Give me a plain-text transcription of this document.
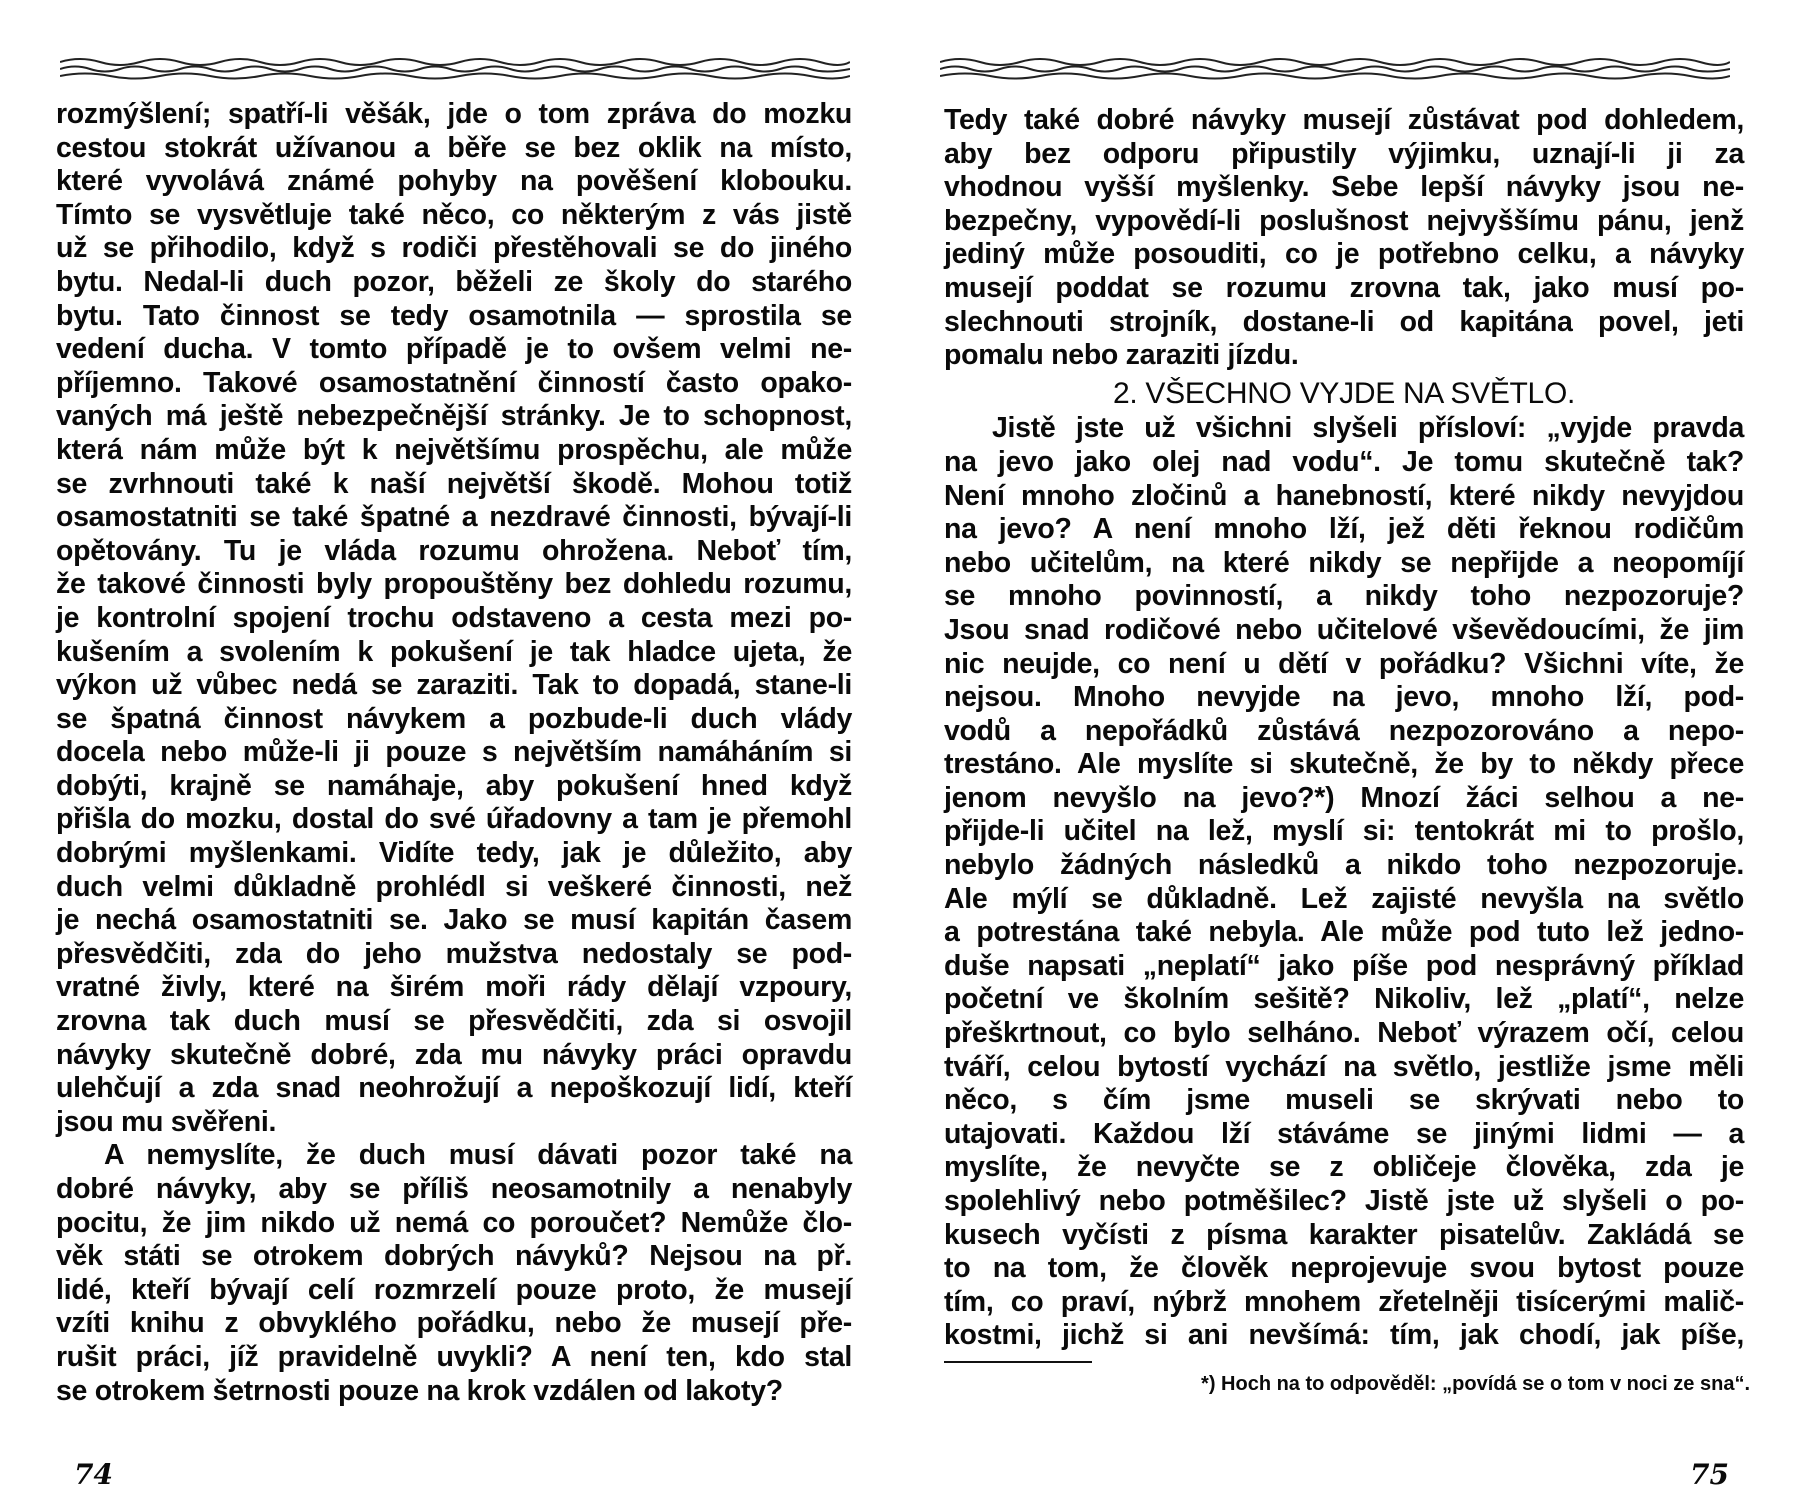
rozmýšlení; spatří-li věšák, jde o tom zpráva do mozku
cestou stokrát užívanou a běře se bez oklik na místo,
které vyvolává známé pohyby na pověšení klobouku.
Tímto se vysvětluje také něco, co některým z vás jistě
už se přihodilo, když s rodiči přestěhovali se do jiného
bytu. Nedal-li duch pozor, běželi ze školy do starého
bytu. Tato činnost se tedy osamotnila — sprostila se
vedení ducha. V tomto případě je to ovšem velmi ne-
příjemno. Takové osamostatnění činností často opako-
vaných má ještě nebezpečnější stránky. Je to schopnost,
která nám může být k největšímu prospěchu, ale může
se zvrhnouti také k naší největší škodě. Mohou totiž
osamostatniti se také špatné a nezdravé činnosti, bývají-li
opětovány. Tu je vláda rozumu ohrožena. Neboť tím,
že takové činnosti byly propouštěny bez dohledu rozumu,
je kontrolní spojení trochu odstaveno a cesta mezi po-
kušením a svolením k pokušení je tak hladce ujeta, že
výkon už vůbec nedá se zaraziti. Tak to dopadá, stane-li
se špatná činnost návykem a pozbude-li duch vlády
docela nebo může-li ji pouze s největším namáháním si
dobýti, krajně se namáhaje, aby pokušení hned když
přišla do mozku, dostal do své úřadovny a tam je přemohl
dobrými myšlenkami. Vidíte tedy, jak je důležito, aby
duch velmi důkladně prohlédl si veškeré činnosti, než
je nechá osamostatniti se. Jako se musí kapitán časem
přesvědčiti, zda do jeho mužstva nedostaly se pod-
vratné živly, které na širém moři rády dělají vzpoury,
zrovna tak duch musí se přesvědčiti, zda si osvojil
návyky skutečně dobré, zda mu návyky práci opravdu
ulehčují a zda snad neohrožují a nepoškozují lidí, kteří
jsou mu svěřeni.
A nemyslíte, že duch musí dávati pozor také na
dobré návyky, aby se příliš neosamotnily a nenabyly
pocitu, že jim nikdo už nemá co poroučet? Nemůže člo-
věk státi se otrokem dobrých návyků? Nejsou na př.
lidé, kteří bývají celí rozmrzelí pouze proto, že musejí
vzíti knihu z obvyklého pořádku, nebo že musejí pře-
rušit práci, jíž pravidelně uvykli? A není ten, kdo stal
se otrokem šetrnosti pouze na krok vzdálen od lakoty?
74
Tedy také dobré návyky musejí zůstávat pod dohledem,
aby bez odporu připustily výjimku, uznají-li ji za
vhodnou vyšší myšlenky. Sebe lepší návyky jsou ne-
bezpečny, vypovědí-li poslušnost nejvyššímu pánu, jenž
jediný může posouditi, co je potřebno celku, a návyky
musejí poddat se rozumu zrovna tak, jako musí po-
slechnouti strojník, dostane-li od kapitána povel, jeti
pomalu nebo zaraziti jízdu.
2. VŠECHNO VYJDE NA SVĚTLO.
Jistě jste už všichni slyšeli přísloví: „vyjde pravda
na jevo jako olej nad vodu“. Je tomu skutečně tak?
Není mnoho zločinů a hanebností, které nikdy nevyjdou
na jevo? A není mnoho lží, jež děti řeknou rodičům
nebo učitelům, na které nikdy se nepřijde a neopomíjí
se mnoho povinností, a nikdy toho nezpozoruje?
Jsou snad rodičové nebo učitelové vševědoucími, že jim
nic neujde, co není u dětí v pořádku? Všichni víte, že
nejsou. Mnoho nevyjde na jevo, mnoho lží, pod-
vodů a nepořádků zůstává nezpozorováno a nepo-
trestáno. Ale myslíte si skutečně, že by to někdy přece
jenom nevyšlo na jevo?*) Mnozí žáci selhou a ne-
přijde-li učitel na lež, myslí si: tentokrát mi to prošlo,
nebylo žádných následků a nikdo toho nezpozoruje.
Ale mýlí se důkladně. Lež zajisté nevyšla na světlo
a potrestána také nebyla. Ale může pod tuto lež jedno-
duše napsati „neplatí“ jako píše pod nesprávný příklad
početní ve školním sešitě? Nikoliv, lež „platí“, nelze
přeškrtnout, co bylo selháno. Neboť výrazem očí, celou
tváří, celou bytostí vychází na světlo, jestliže jsme měli
něco, s čím jsme museli se skrývati nebo to
utajovati. Každou lží stáváme se jinými lidmi — a
myslíte, že nevyčte se z obličeje člověka, zda je
spolehlivý nebo potměšilec? Jistě jste už slyšeli o po-
kusech vyčísti z písma karakter pisatelův. Zakládá se
to na tom, že člověk neprojevuje svou bytost pouze
tím, co praví, nýbrž mnohem zřetelněji tisícerými malič-
kostmi, jichž si ani nevšímá: tím, jak chodí, jak píše,
*) Hoch na to odpověděl: „povídá se o tom v noci ze sna“.
75
